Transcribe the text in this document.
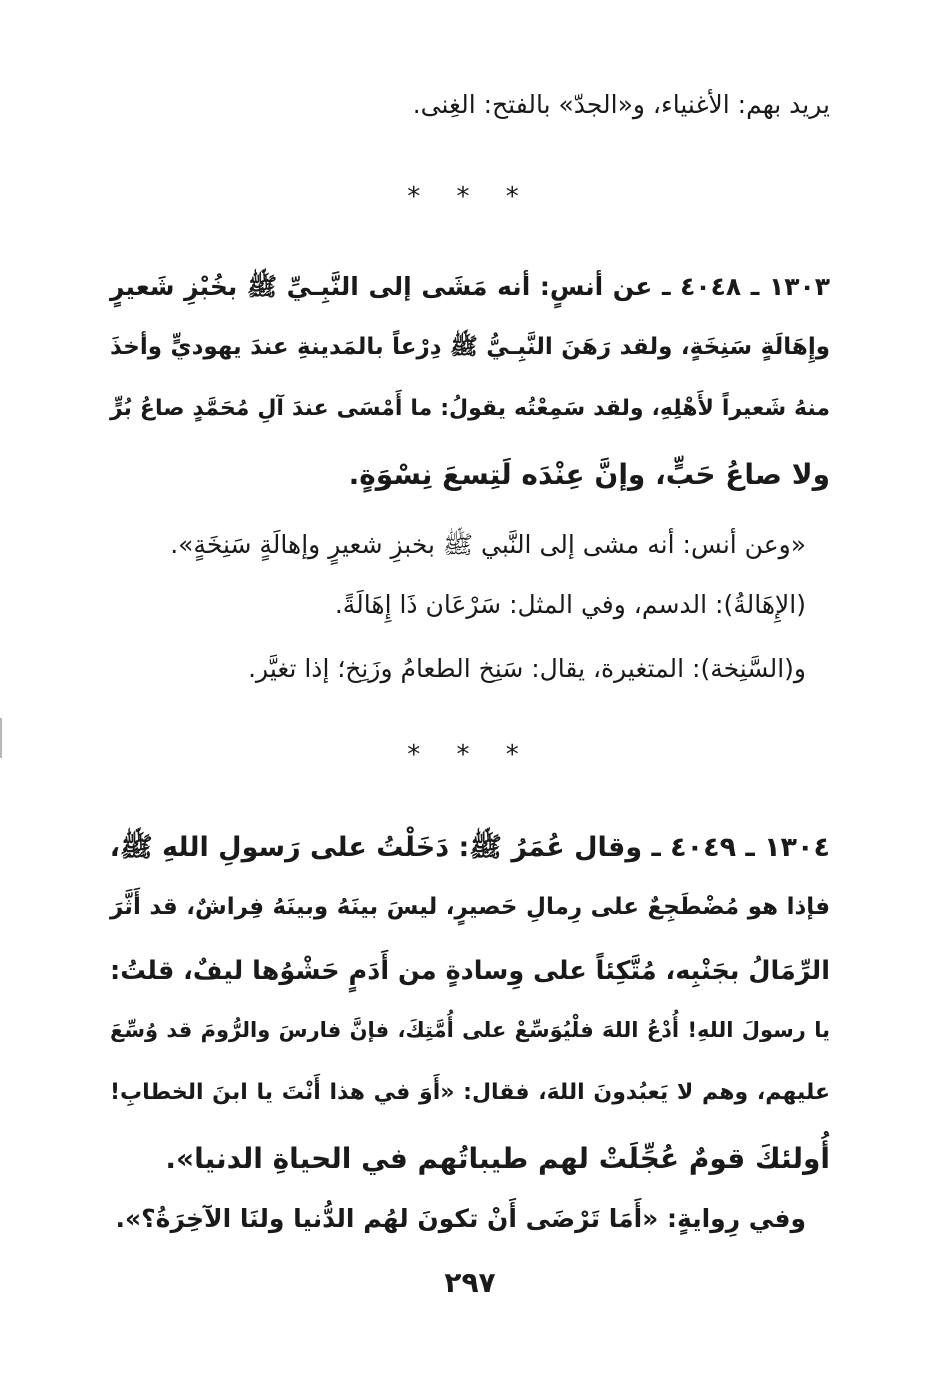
يريد بهم: الأغنياء، و«الجدّ» بالفتح: الغِنى.
* * *
١٣٠٣ ـ ٤٠٤٨ ـ عن أنسٍ: أنه مَشَى إلى النَّبِـيِّ ﷺ بخُبْزِ شَعيرٍ
وإِهَالَةٍ سَنِخَةٍ، ولقد رَهَنَ النَّبِـيُّ ﷺ دِرْعاً بالمَدينةِ عندَ يهوديٍّ وأخذَ
منهُ شَعيراً لأَهْلِهِ، ولقد سَمِعْتُه يقولُ: ما أَمْسَى عندَ آلِ مُحَمَّدٍ صاعُ بُرٍّ
ولا صاعُ حَبٍّ، وإنَّ عِنْدَه لَتِسعَ نِسْوَةٍ.
«وعن أنس: أنه مشى إلى النَّبي ﷺ بخبزِ شعيرٍ وإهالَةٍ سَنِخَةٍ».
(الإِهَالةُ): الدسم، وفي المثل: سَرْعَان ذَا إِهَالَةً.
و(السَّنِخة): المتغيرة، يقال: سَنِخ الطعامُ وزَنِخ؛ إذا تغيَّر.
* * *
١٣٠٤ ـ ٤٠٤٩ ـ وقال عُمَرُ ﷺ: دَخَلْتُ على رَسولِ اللهِ ﷺ،
فإذا هو مُضْطَجِعٌ على رِمالِ حَصيرٍ، ليسَ بينَهُ وبينَهُ فِراشٌ، قد أَثَّرَ
الرِّمَالُ بجَنْبِه، مُتَّكِئاً على وِسادةٍ من أَدَمٍ حَشْوُها ليفٌ، قلتُ:
يا رسولَ اللهِ! أُدْعُ اللهَ فلْيُوَسِّعْ على أُمَّتِكَ، فإنَّ فارسَ والرُّومَ قد وُسِّعَ
عليهم، وهم لا يَعبُدونَ اللهَ، فقال: «أَوَ في هذا أَنْتَ يا ابنَ الخطابِ!
أُولئكَ قومٌ عُجِّلَتْ لهم طيباتُهم في الحياةِ الدنيا».
وفي رِوايةٍ: «أَمَا تَرْضَى أَنْ تكونَ لهُم الدُّنيا ولنَا الآخِرَةُ؟».
٢٩٧
